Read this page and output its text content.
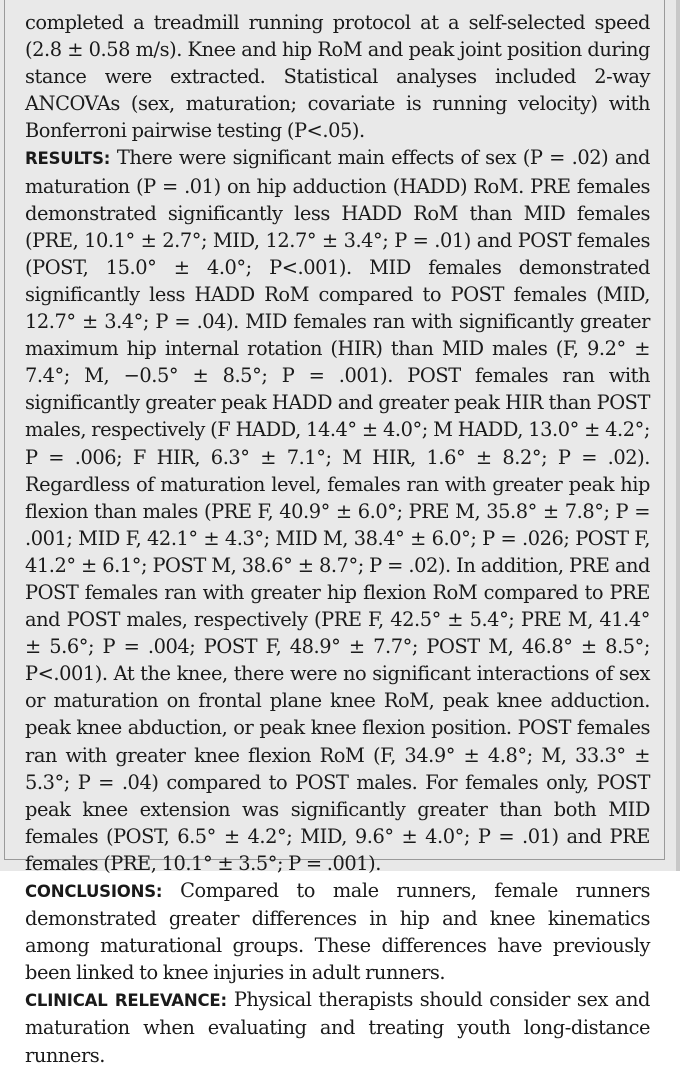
completed a treadmill running protocol at a self-selected speed (2.8 ± 0.58 m/s). Knee and hip RoM and peak joint position during stance were extracted. Statistical analyses included 2-way ANCOVAs (sex, maturation; covariate is running velocity) with Bonferroni pairwise testing (P<.05).

RESULTS: There were significant main effects of sex (P = .02) and maturation (P = .01) on hip adduction (HADD) RoM. PRE females demonstrated significantly less HADD RoM than MID females (PRE, 10.1° ± 2.7°; MID, 12.7° ± 3.4°; P = .01) and POST females (POST, 15.0° ± 4.0°; P<.001). MID females demonstrated significantly less HADD RoM compared to POST females (MID, 12.7° ± 3.4°; P = .04). MID females ran with significantly greater maximum hip internal rotation (HIR) than MID males (F, 9.2° ± 7.4°; M, −0.5° ± 8.5°; P = .001). POST females ran with significantly greater peak HADD and greater peak HIR than POST males, respectively (F HADD, 14.4° ± 4.0°; M HADD, 13.0° ± 4.2°; P = .006; F HIR, 6.3° ± 7.1°; M HIR, 1.6° ± 8.2°; P = .02). Regardless of maturation level, females ran with greater peak hip flexion than males (PRE F, 40.9° ± 6.0°; PRE M, 35.8° ± 7.8°; P = .001; MID F, 42.1° ± 4.3°; MID M, 38.4° ± 6.0°; P = .026; POST F, 41.2° ± 6.1°; POST M, 38.6° ± 8.7°; P = .02). In addition, PRE and POST females ran with greater hip flexion RoM compared to PRE and POST males, respectively (PRE F, 42.5° ± 5.4°; PRE M, 41.4° ± 5.6°; P = .004; POST F, 48.9° ± 7.7°; POST M, 46.8° ± 8.5°; P<.001). At the knee, there were no significant interactions of sex or maturation on frontal plane knee RoM, peak knee adduction. peak knee abduction, or peak knee flexion position. POST females ran with greater knee flexion RoM (F, 34.9° ± 4.8°; M, 33.3° ± 5.3°; P = .04) compared to POST males. For females only, POST peak knee extension was significantly greater than both MID females (POST, 6.5° ± 4.2°; MID, 9.6° ± 4.0°; P = .01) and PRE females (PRE, 10.1° ± 3.5°; P = .001).

CONCLUSIONS: Compared to male runners, female runners demonstrated greater differences in hip and knee kinematics among maturational groups. These differences have previously been linked to knee injuries in adult runners.

CLINICAL RELEVANCE: Physical therapists should consider sex and maturation when evaluating and treating youth long-distance runners.
